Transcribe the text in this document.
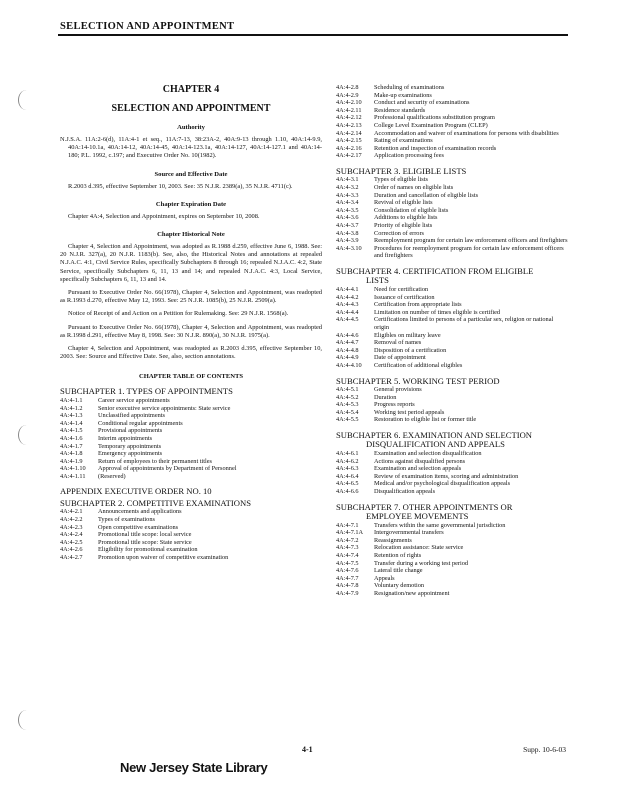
SELECTION AND APPOINTMENT
CHAPTER 4
SELECTION AND APPOINTMENT
Authority
N.J.S.A. 11A:2-6(d), 11A:4-1 et seq., 11A:7-13, 38:23A-2, 40A:9-13 through 1.10, 40A:14-9.9, 40A:14-10.1a, 40A:14-12, 40A:14-45, 40A:14-123.1a, 40A:14-127, 40A:14-127.1 and 40A:14-180; P.L. 1992, c.197; and Executive Order No. 10(1982).
Source and Effective Date
R.2003 d.395, effective September 10, 2003. See: 35 N.J.R. 2389(a), 35 N.J.R. 4711(c).
Chapter Expiration Date
Chapter 4A:4, Selection and Appointment, expires on September 10, 2008.
Chapter Historical Note
Chapter 4, Selection and Appointment, was adopted as R.1988 d.259, effective June 6, 1988. See: 20 N.J.R. 327(a), 20 N.J.R. 1183(b). See, also, the Historical Notes and annotations at repealed N.J.A.C. 4:1, Civil Service Rules, specifically Subchapters 8 through 16; repealed N.J.A.C. 4:2, State Service, specifically Subchapters 6, 11, 13 and 14; and repealed N.J.A.C. 4:3, Local Service, specifically Subchapters 6, 11, 13 and 14.
Pursuant to Executive Order No. 66(1978), Chapter 4, Selection and Appointment, was readopted as R.1993 d.270, effective May 12, 1993. See: 25 N.J.R. 1085(b), 25 N.J.R. 2509(a).
Notice of Receipt of and Action on a Petition for Rulemaking. See: 29 N.J.R. 1568(a).
Pursuant to Executive Order No. 66(1978), Chapter 4, Selection and Appointment, was readopted as R.1998 d.291, effective May 8, 1998. See: 30 N.J.R. 890(a), 30 N.J.R. 1975(a).
Chapter 4, Selection and Appointment, was readopted as R.2003 d.395, effective September 10, 2003. See: Source and Effective Date. See, also, section annotations.
CHAPTER TABLE OF CONTENTS
SUBCHAPTER 1. TYPES OF APPOINTMENTS
4A:4-1.1	Career service appointments
4A:4-1.2	Senior executive service appointments: State service
4A:4-1.3	Unclassified appointments
4A:4-1.4	Conditional regular appointments
4A:4-1.5	Provisional appointments
4A:4-1.6	Interim appointments
4A:4-1.7	Temporary appointments
4A:4-1.8	Emergency appointments
4A:4-1.9	Return of employees to their permanent titles
4A:4-1.10	Approval of appointments by Department of Personnel
4A:4-1.11	(Reserved)
APPENDIX EXECUTIVE ORDER NO. 10
SUBCHAPTER 2. COMPETITIVE EXAMINATIONS
4A:4-2.1	Announcements and applications
4A:4-2.2	Types of examinations
4A:4-2.3	Open competitive examinations
4A:4-2.4	Promotional title scope: local service
4A:4-2.5	Promotional title scope: State service
4A:4-2.6	Eligibility for promotional examination
4A:4-2.7	Promotion upon waiver of competitive examination
4A:4-2.8	Scheduling of examinations
4A:4-2.9	Make-up examinations
4A:4-2.10	Conduct and security of examinations
4A:4-2.11	Residence standards
4A:4-2.12	Professional qualifications substitution program
4A:4-2.13	College Level Examination Program (CLEP)
4A:4-2.14	Accommodation and waiver of examinations for persons with disabilities
4A:4-2.15	Rating of examinations
4A:4-2.16	Retention and inspection of examination records
4A:4-2.17	Application processing fees
SUBCHAPTER 3. ELIGIBLE LISTS
4A:4-3.1	Types of eligible lists
4A:4-3.2	Order of names on eligible lists
4A:4-3.3	Duration and cancellation of eligible lists
4A:4-3.4	Revival of eligible lists
4A:4-3.5	Consolidation of eligible lists
4A:4-3.6	Additions to eligible lists
4A:4-3.7	Priority of eligible lists
4A:4-3.8	Correction of errors
4A:4-3.9	Reemployment program for certain law enforcement officers and firefighters
4A:4-3.10	Procedures for reemployment program for certain law enforcement officers and firefighters
SUBCHAPTER 4. CERTIFICATION FROM ELIGIBLE
LISTS
4A:4-4.1	Need for certification
4A:4-4.2	Issuance of certification
4A:4-4.3	Certification from appropriate lists
4A:4-4.4	Limitation on number of times eligible is certified
4A:4-4.5	Certifications limited to persons of a particular sex, religion or national origin
4A:4-4.6	Eligibles on military leave
4A:4-4.7	Removal of names
4A:4-4.8	Disposition of a certification
4A:4-4.9	Date of appointment
4A:4-4.10	Certification of additional eligibles
SUBCHAPTER 5. WORKING TEST PERIOD
4A:4-5.1	General provisions
4A:4-5.2	Duration
4A:4-5.3	Progress reports
4A:4-5.4	Working test period appeals
4A:4-5.5	Restoration to eligible list or former title
SUBCHAPTER 6. EXAMINATION AND SELECTION
DISQUALIFICATION AND APPEALS
4A:4-6.1	Examination and selection disqualification
4A:4-6.2	Actions against disqualified persons
4A:4-6.3	Examination and selection appeals
4A:4-6.4	Review of examination items, scoring and administration
4A:4-6.5	Medical and/or psychological disqualification appeals
4A:4-6.6	Disqualification appeals
SUBCHAPTER 7. OTHER APPOINTMENTS OR
EMPLOYEE MOVEMENTS
4A:4-7.1	Transfers within the same governmental jurisdiction
4A:4-7.1A	Intergovernmental transfers
4A:4-7.2	Reassignments
4A:4-7.3	Relocation assistance: State service
4A:4-7.4	Retention of rights
4A:4-7.5	Transfer during a working test period
4A:4-7.6	Lateral title change
4A:4-7.7	Appeals
4A:4-7.8	Voluntary demotion
4A:4-7.9	Resignation/new appointment
4-1	Supp. 10-6-03
New Jersey State Library
